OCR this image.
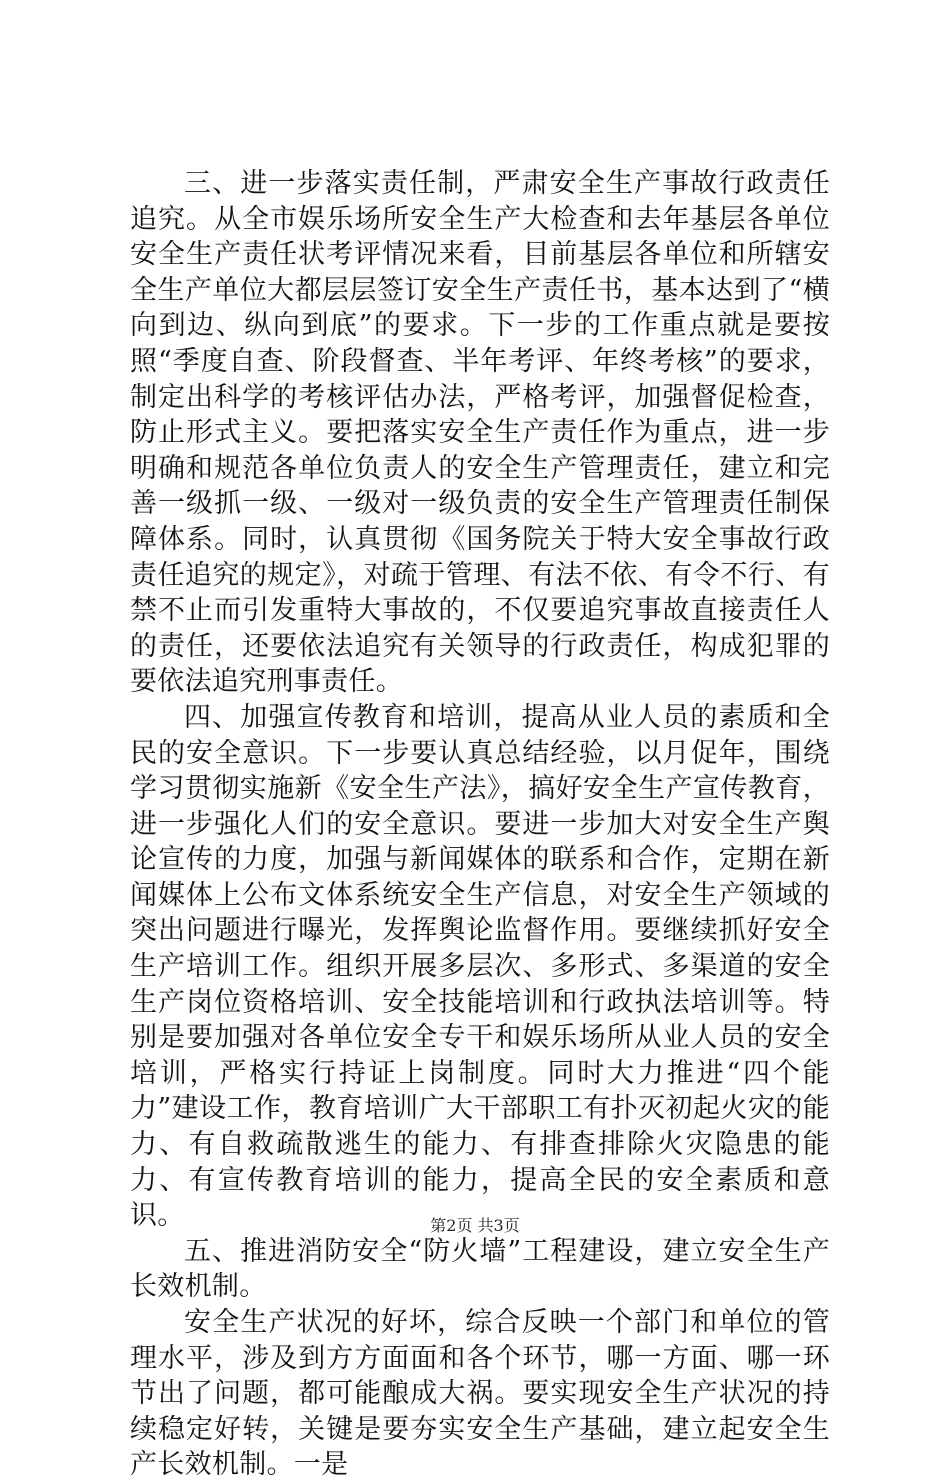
三、进一步落实责任制，严肃安全生产事故行政责任追究。从全市娱乐场所安全生产大检查和去年基层各单位安全生产责任状考评情况来看，目前基层各单位和所辖安全生产单位大都层层签订安全生产责任书，基本达到了“横向到边、纵向到底”的要求。下一步的工作重点就是要按照“季度自查、阶段督查、半年考评、年终考核”的要求，制定出科学的考核评估办法，严格考评，加强督促检查，防止形式主义。要把落实安全生产责任作为重点，进一步明确和规范各单位负责人的安全生产管理责任，建立和完善一级抓一级、一级对一级负责的安全生产管理责任制保障体系。同时，认真贯彻《国务院关于特大安全事故行政责任追究的规定》，对疏于管理、有法不依、有令不行、有禁不止而引发重特大事故的，不仅要追究事故直接责任人的责任，还要依法追究有关领导的行政责任，构成犯罪的要依法追究刑事责任。

四、加强宣传教育和培训，提高从业人员的素质和全民的安全意识。下一步要认真总结经验，以月促年，围绕学习贯彻实施新《安全生产法》，搞好安全生产宣传教育，进一步强化人们的安全意识。要进一步加大对安全生产舆论宣传的力度，加强与新闻媒体的联系和合作，定期在新闻媒体上公布文体系统安全生产信息，对安全生产领域的突出问题进行曝光，发挥舆论监督作用。要继续抓好安全生产培训工作。组织开展多层次、多形式、多渠道的安全生产岗位资格培训、安全技能培训和行政执法培训等。特别是要加强对各单位安全专干和娱乐场所从业人员的安全培训，严格实行持证上岗制度。同时大力推进“四个能力”建设工作，教育培训广大干部职工有扑灭初起火灾的能力、有自救疏散逃生的能力、有排查排除火灾隐患的能力、有宣传教育培训的能力，提高全民的安全素质和意识。

五、推进消防安全“防火墙”工程建设，建立安全生产长效机制。

安全生产状况的好坏，综合反映一个部门和单位的管理水平，涉及到方方面面和各个环节，哪一方面、哪一环节出了问题，都可能酿成大祸。要实现安全生产状况的持续稳定好转，关键是要夯实安全生产基础，建立起安全生产长效机制。一是

第2页 共3页
